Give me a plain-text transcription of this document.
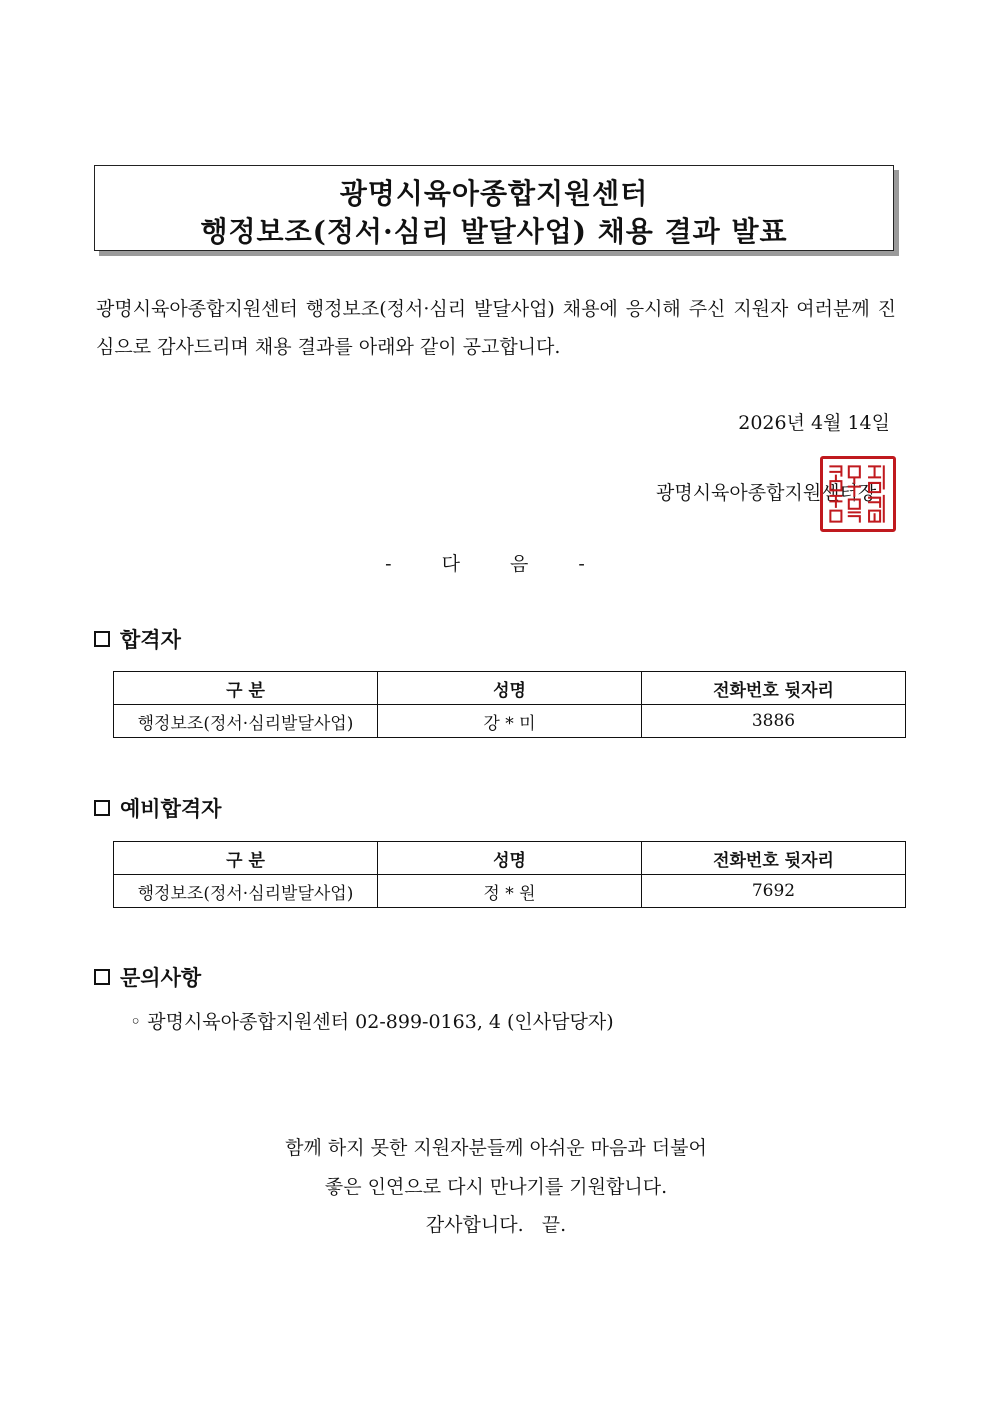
광명시육아종합지원센터
행정보조(정서·심리 발달사업) 채용 결과 발표
광명시육아종합지원센터 행정보조(정서·심리 발달사업) 채용에 응시해 주신 지원자 여러분께 진심으로 감사드리며 채용 결과를 아래와 같이 공고합니다.
2026년 4월 14일
광명시육아종합지원센터장
- 다 음 -
합격자
구 분	성명	전화번호 뒷자리
행정보조(정서·심리발달사업)	강 * 미	3886
예비합격자
구 분	성명	전화번호 뒷자리
행정보조(정서·심리발달사업)	정 * 원	7692
문의사항
◦ 광명시육아종합지원센터 02-899-0163, 4 (인사담당자)
함께 하지 못한 지원자분들께 아쉬운 마음과 더불어
좋은 인연으로 다시 만나기를 기원합니다.
감사합니다.   끝.
